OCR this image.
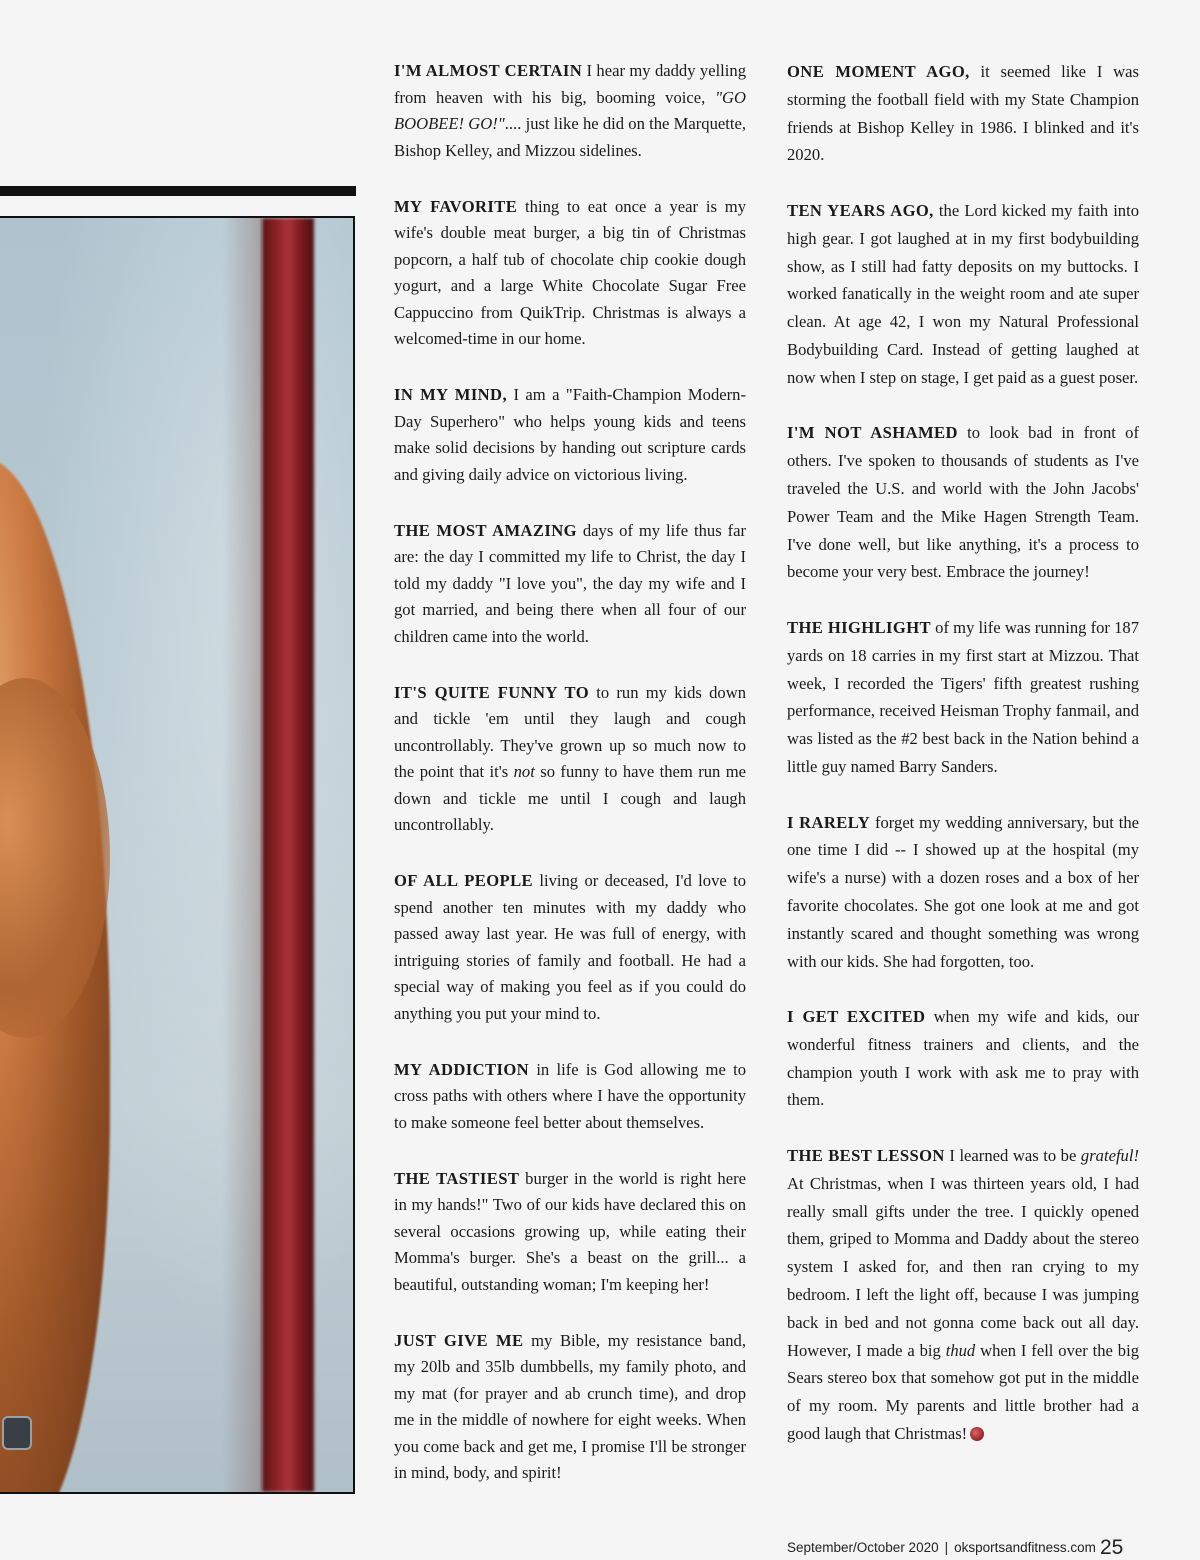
I'M ALMOST CERTAIN I hear my daddy yelling from heaven with his big, booming voice, "GO BOOBEE! GO!".... just like he did on the Marquette, Bishop Kelley, and Mizzou sidelines.

MY FAVORITE thing to eat once a year is my wife's double meat burger, a big tin of Christmas popcorn, a half tub of chocolate chip cookie dough yogurt, and a large White Chocolate Sugar Free Cappuccino from QuikTrip. Christmas is always a welcomed-time in our home.

IN MY MIND, I am a "Faith-Champion Modern-Day Superhero" who helps young kids and teens make solid decisions by handing out scripture cards and giving daily advice on victorious living.

THE MOST AMAZING days of my life thus far are: the day I committed my life to Christ, the day I told my daddy "I love you", the day my wife and I got married, and being there when all four of our children came into the world.

IT'S QUITE FUNNY TO to run my kids down and tickle 'em until they laugh and cough uncontrollably. They've grown up so much now to the point that it's not so funny to have them run me down and tickle me until I cough and laugh uncontrollably.

OF ALL PEOPLE living or deceased, I'd love to spend another ten minutes with my daddy who passed away last year. He was full of energy, with intriguing stories of family and football. He had a special way of making you feel as if you could do anything you put your mind to.

MY ADDICTION in life is God allowing me to cross paths with others where I have the opportunity to make someone feel better about themselves.

THE TASTIEST burger in the world is right here in my hands!" Two of our kids have declared this on several occasions growing up, while eating their Momma's burger. She's a beast on the grill... a beautiful, outstanding woman; I'm keeping her!

JUST GIVE ME my Bible, my resistance band, my 20lb and 35lb dumbbells, my family photo, and my mat (for prayer and ab crunch time), and drop me in the middle of nowhere for eight weeks. When you come back and get me, I promise I'll be stronger in mind, body, and spirit!

ONE MOMENT AGO, it seemed like I was storming the football field with my State Champion friends at Bishop Kelley in 1986. I blinked and it's 2020.

TEN YEARS AGO, the Lord kicked my faith into high gear. I got laughed at in my first bodybuilding show, as I still had fatty deposits on my buttocks. I worked fanatically in the weight room and ate super clean. At age 42, I won my Natural Professional Bodybuilding Card. Instead of getting laughed at now when I step on stage, I get paid as a guest poser.

I'M NOT ASHAMED to look bad in front of others. I've spoken to thousands of students as I've traveled the U.S. and world with the John Jacobs' Power Team and the Mike Hagen Strength Team. I've done well, but like anything, it's a process to become your very best. Embrace the journey!

THE HIGHLIGHT of my life was running for 187 yards on 18 carries in my first start at Mizzou. That week, I recorded the Tigers' fifth greatest rushing performance, received Heisman Trophy fanmail, and was listed as the #2 best back in the Nation behind a little guy named Barry Sanders.

I RARELY forget my wedding anniversary, but the one time I did -- I showed up at the hospital (my wife's a nurse) with a dozen roses and a box of her favorite chocolates. She got one look at me and got instantly scared and thought something was wrong with our kids. She had forgotten, too.

I GET EXCITED when my wife and kids, our wonderful fitness trainers and clients, and the champion youth I work with ask me to pray with them.

THE BEST LESSON I learned was to be grateful! At Christmas, when I was thirteen years old, I had really small gifts under the tree. I quickly opened them, griped to Momma and Daddy about the stereo system I asked for, and then ran crying to my bedroom. I left the light off, because I was jumping back in bed and not gonna come back out all day. However, I made a big thud when I fell over the big Sears stereo box that somehow got put in the middle of my room. My parents and little brother had a good laugh that Christmas!

September/October 2020 | oksportsandfitness.com 25
